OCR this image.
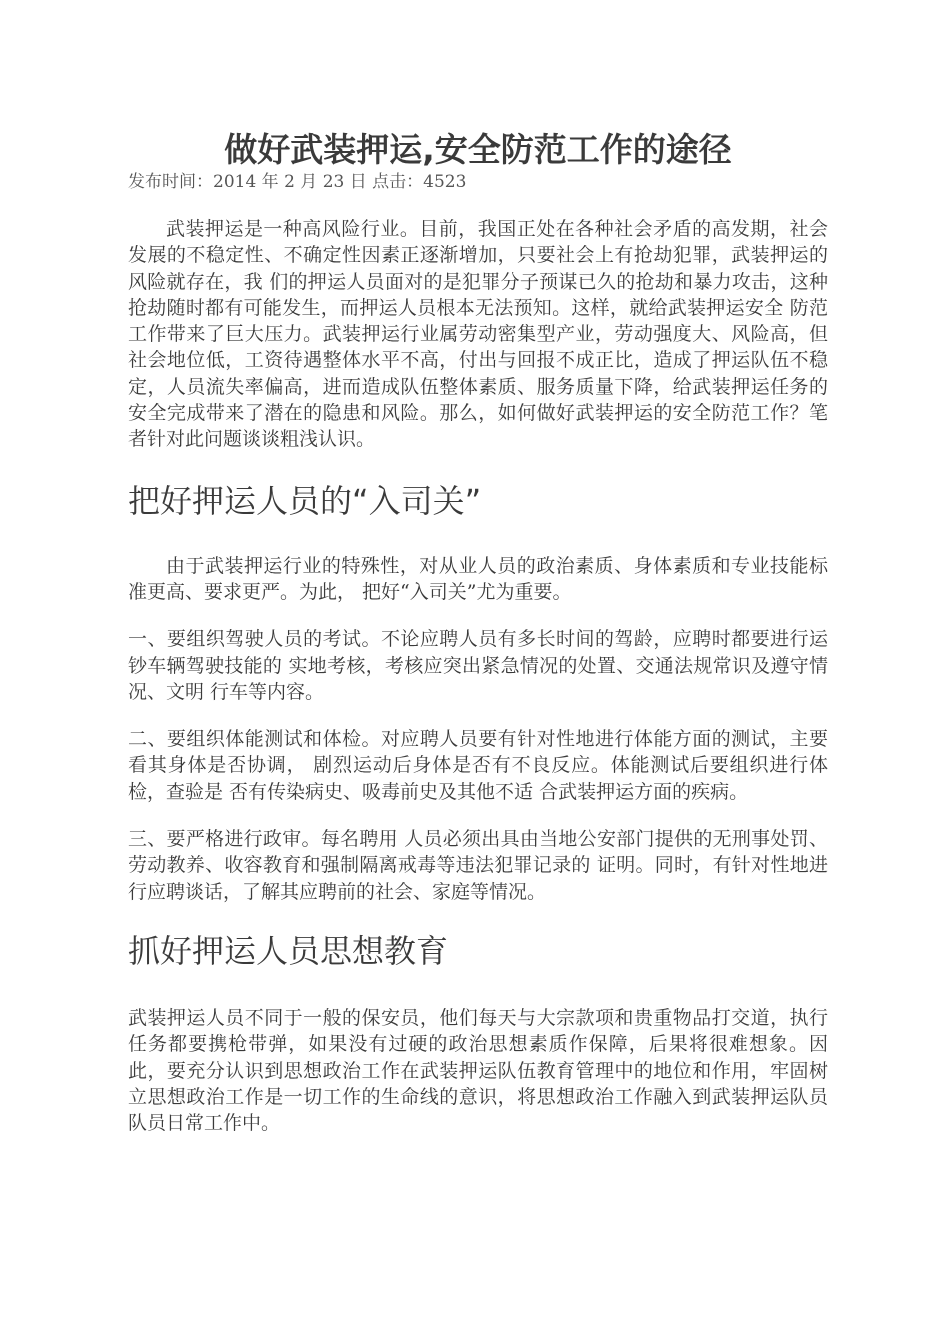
做好武装押运,安全防范工作的途径
发布时间：2014 年 2 月 23 日 点击：4523

武装押运是一种高风险行业。目前，我国正处在各种社会矛盾的高发期，社会发展的不稳定性、不确定性因素正逐渐增加，只要社会上有抢劫犯罪，武装押运的风险就存在，我 们的押运人员面对的是犯罪分子预谋已久的抢劫和暴力攻击，这种抢劫随时都有可能发生，而押运人员根本无法预知。这样，就给武装押运安全 防范工作带来了巨大压力。武装押运行业属劳动密集型产业，劳动强度大、风险高，但社会地位低，工资待遇整体水平不高，付出与回报不成正比，造成了押运队伍不稳定，人员流失率偏高，进而造成队伍整体素质、服务质量下降，给武装押运任务的安全完成带来了潜在的隐患和风险。那么，如何做好武装押运的安全防范工作？笔者针对此问题谈谈粗浅认识。

把好押运人员的“入司关”

由于武装押运行业的特殊性，对从业人员的政治素质、身体素质和专业技能标准更高、要求更严。为此， 把好“入司关”尤为重要。

一、要组织驾驶人员的考试。不论应聘人员有多长时间的驾龄，应聘时都要进行运钞车辆驾驶技能的 实地考核，考核应突出紧急情况的处置、交通法规常识及遵守情况、文明 行车等内容。

二、要组织体能测试和体检。对应聘人员要有针对性地进行体能方面的测试，主要看其身体是否协调， 剧烈运动后身体是否有不良反应。体能测试后要组织进行体检，查验是 否有传染病史、吸毒前史及其他不适 合武装押运方面的疾病。

三、要严格进行政审。每名聘用 人员必须出具由当地公安部门提供的无刑事处罚、劳动教养、收容教育和强制隔离戒毒等违法犯罪记录的 证明。同时，有针对性地进行应聘谈话，了解其应聘前的社会、家庭等情况。

抓好押运人员思想教育

武装押运人员不同于一般的保安员，他们每天与大宗款项和贵重物品打交道，执行任务都要携枪带弹，如果没有过硬的政治思想素质作保障，后果将很难想象。因此，要充分认识到思想政治工作在武装押运队伍教育管理中的地位和作用，牢固树立思想政治工作是一切工作的生命线的意识，将思想政治工作融入到武装押运队员队员日常工作中。
